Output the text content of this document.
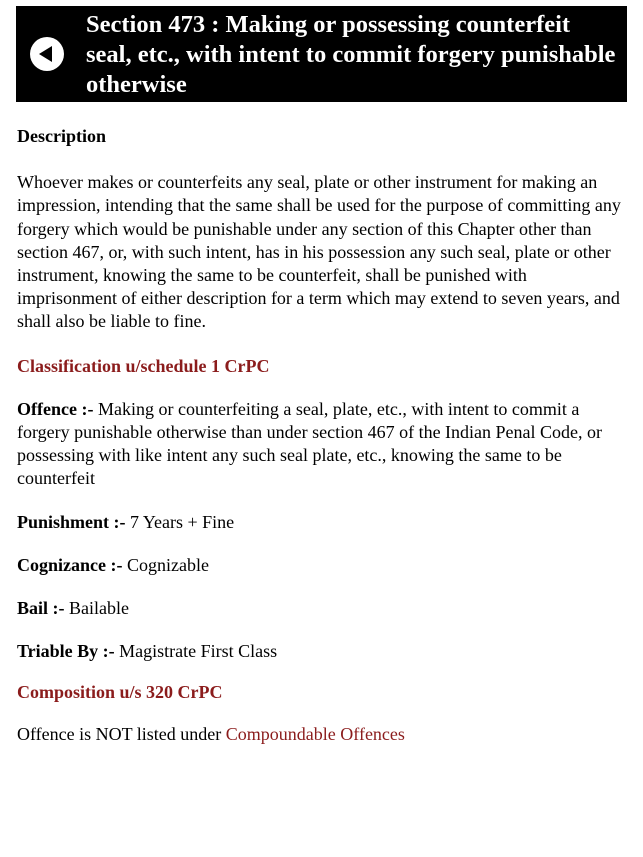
Section 473 : Making or possessing counterfeit seal, etc., with intent to commit forgery punishable otherwise
Description
Whoever makes or counterfeits any seal, plate or other instrument for making an impression, intending that the same shall be used for the purpose of committing any forgery which would be punishable under any section of this Chapter other than section 467, or, with such intent, has in his possession any such seal, plate or other instrument, knowing the same to be counterfeit, shall be punished with imprisonment of either description for a term which may extend to seven years, and shall also be liable to fine.
Classification u/schedule 1 CrPC
Offence :- Making or counterfeiting a seal, plate, etc., with intent to commit a forgery punishable otherwise than under section 467 of the Indian Penal Code, or possessing with like intent any such seal plate, etc., knowing the same to be counterfeit
Punishment :- 7 Years + Fine
Cognizance :- Cognizable
Bail :- Bailable
Triable By :- Magistrate First Class
Composition u/s 320 CrPC
Offence is NOT listed under Compoundable Offences
